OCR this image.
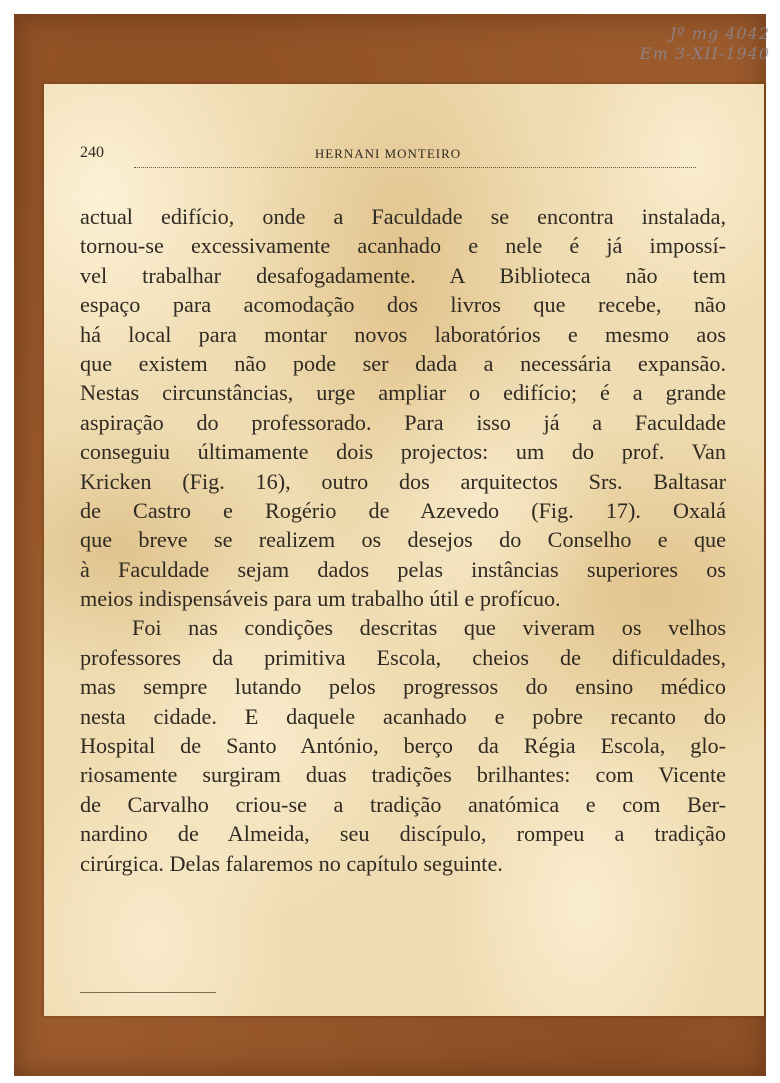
Jº mg 4042
Em 3-XII-1940
240	HERNANI MONTEIRO
actual edifício, onde a Faculdade se encontra instalada,
tornou-se excessivamente acanhado e nele é já impossí-
vel trabalhar desafogadamente. A Biblioteca não tem
espaço para acomodação dos livros que recebe, não
há local para montar novos laboratórios e mesmo aos
que existem não pode ser dada a necessária expansão.
Nestas circunstâncias, urge ampliar o edifício; é a grande
aspiração do professorado. Para isso já a Faculdade
conseguiu últimamente dois projectos: um do prof. Van
Kricken (Fig. 16), outro dos arquitectos Srs. Baltasar
de Castro e Rogério de Azevedo (Fig. 17). Oxalá
que breve se realizem os desejos do Conselho e que
à Faculdade sejam dados pelas instâncias superiores os
meios indispensáveis para um trabalho útil e profícuo.
Foi nas condições descritas que viveram os velhos
professores da primitiva Escola, cheios de dificuldades,
mas sempre lutando pelos progressos do ensino médico
nesta cidade. E daquele acanhado e pobre recanto do
Hospital de Santo António, berço da Régia Escola, glo-
riosamente surgiram duas tradições brilhantes: com Vicente
de Carvalho criou-se a tradição anatómica e com Ber-
nardino de Almeida, seu discípulo, rompeu a tradição
cirúrgica. Delas falaremos no capítulo seguinte.
